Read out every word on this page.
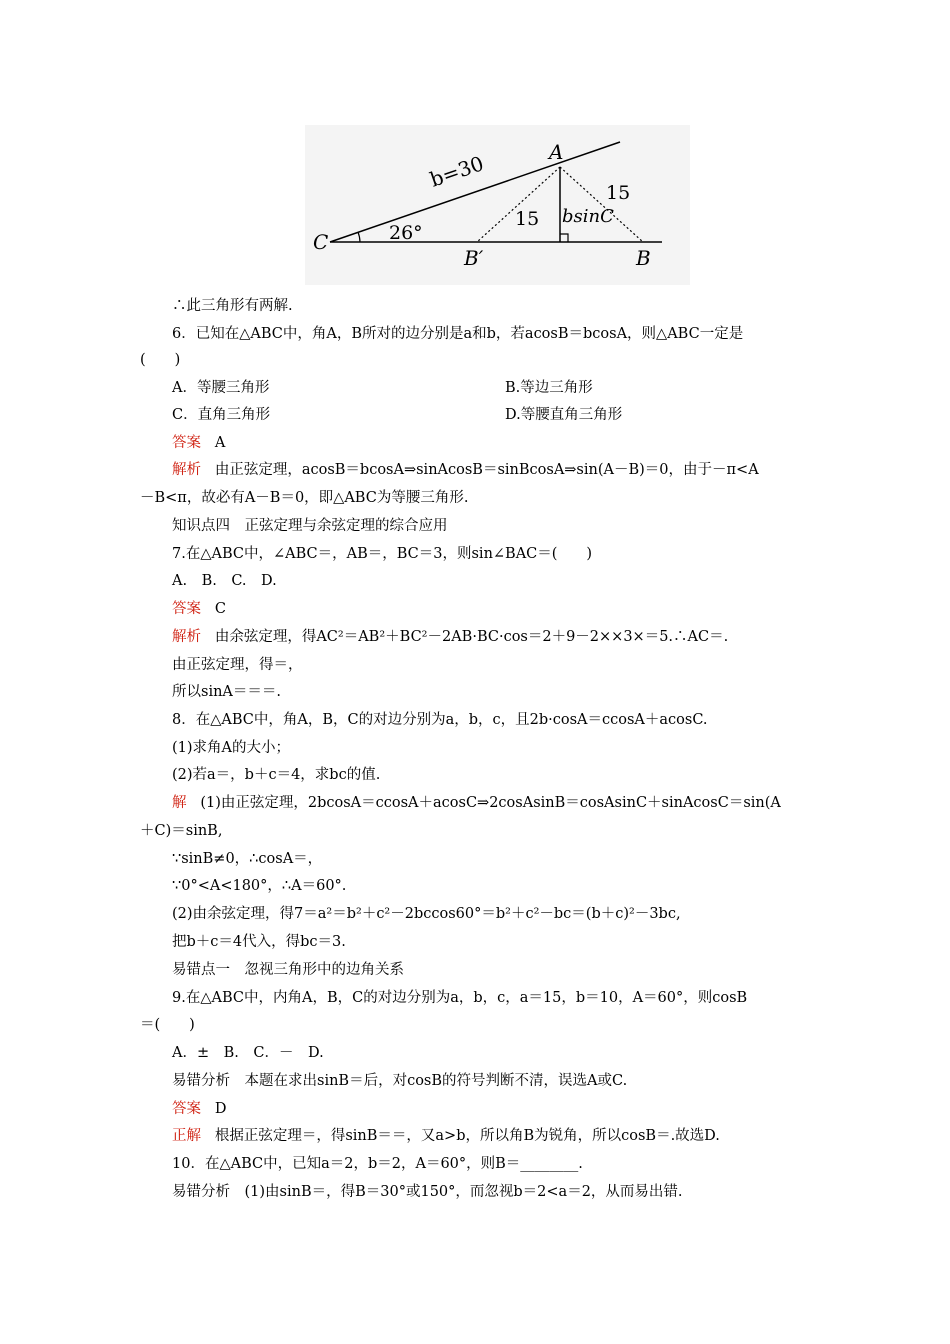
b=30
26°
15
15
bsinC
A
B
B′
C
∴此三角形有两解.
6．已知在△ABC中，角A，B所对的边分别是a和b，若acosB＝bcosA，则△ABC一定是
(　　)
A．等腰三角形	B.等边三角形
C．直角三角形	D.等腰直角三角形
答案 A
解析 由正弦定理，acosB＝bcosA⇒sinAcosB＝sinBcosA⇒sin(A－B)＝0，由于－π<A
－B<π，故必有A－B＝0，即△ABC为等腰三角形.
知识点四　正弦定理与余弦定理的综合应用
7.在△ABC中，∠ABC＝，AB＝，BC＝3，则sin∠BAC＝(　　)
A.　B.　C.　D.
答案 C
解析 由余弦定理，得AC²＝AB²＋BC²－2AB·BC·cos＝2＋9－2××3×＝5.∴AC＝.
由正弦定理，得＝，
所以sinA＝＝＝.
8．在△ABC中，角A，B，C的对边分别为a，b，c，且2b·cosA＝ccosA＋acosC.
(1)求角A的大小；
(2)若a＝，b＋c＝4，求bc的值.
解 (1)由正弦定理，2bcosA＝ccosA＋acosC⇒2cosAsinB＝cosAsinC＋sinAcosC＝sin(A
＋C)＝sinB,
∵sinB≠0，∴cosA＝，
∵0°<A<180°，∴A＝60°.
(2)由余弦定理，得7＝a²＝b²＋c²－2bccos60°＝b²＋c²－bc＝(b＋c)²－3bc,
把b＋c＝4代入，得bc＝3.
易错点一　忽视三角形中的边角关系
9.在△ABC中，内角A，B，C的对边分别为a，b，c，a＝15，b＝10，A＝60°，则cosB
＝(　　)
A．±　B.　C．－　D.
易错分析　本题在求出sinB＝后，对cosB的符号判断不清，误选A或C.
答案 D
正解 根据正弦定理＝，得sinB＝＝，又a>b，所以角B为锐角，所以cosB＝.故选D.
10．在△ABC中，已知a＝2，b＝2，A＝60°，则B＝________.
易错分析　(1)由sinB＝，得B＝30°或150°，而忽视b＝2<a＝2，从而易出错.
